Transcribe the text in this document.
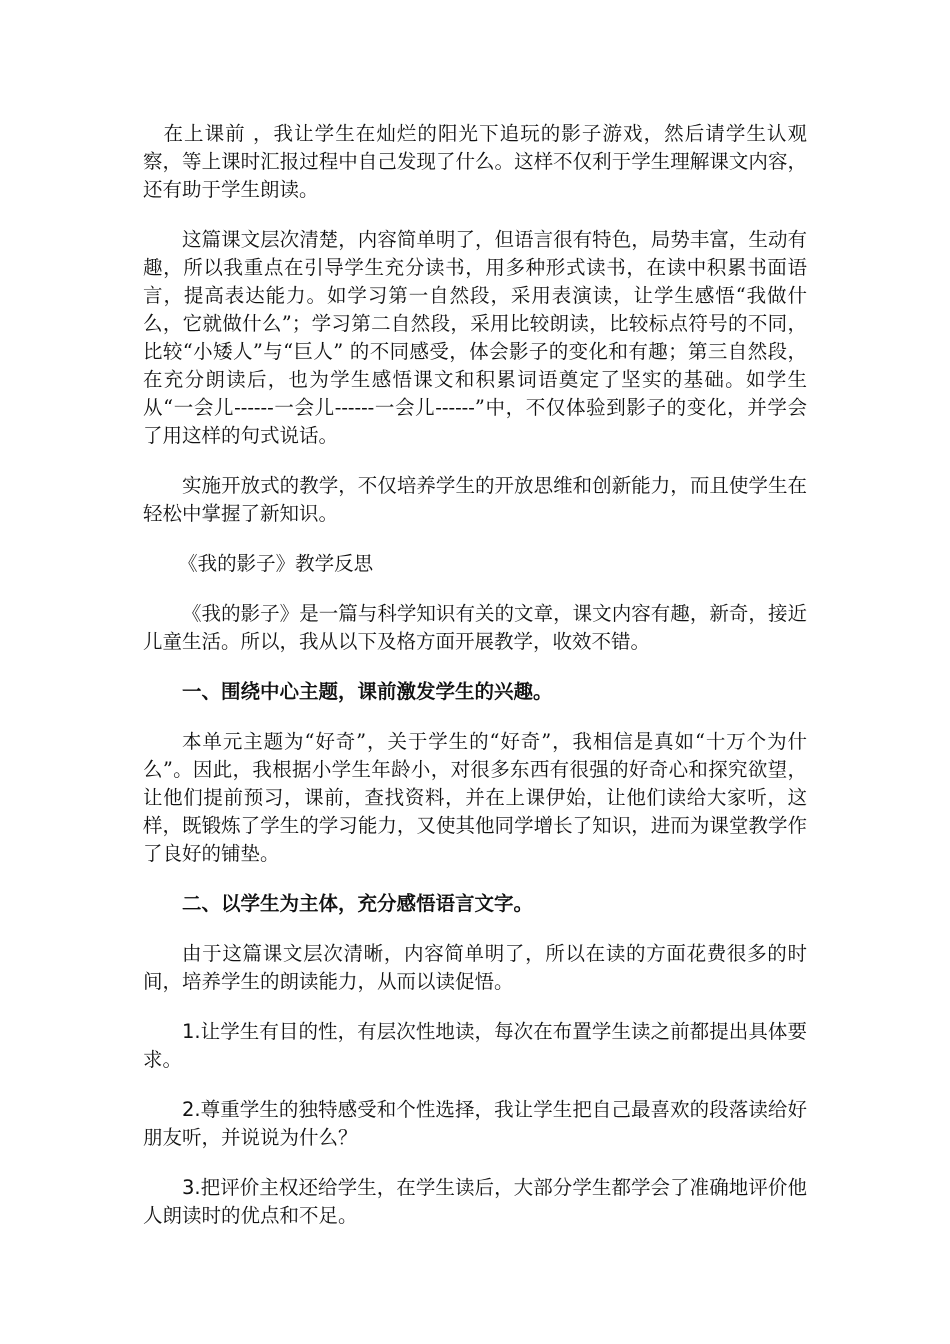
在上课前 ，我让学生在灿烂的阳光下追玩的影子游戏，然后请学生认观察，等上课时汇报过程中自己发现了什么。这样不仅利于学生理解课文内容，还有助于学生朗读。

这篇课文层次清楚，内容简单明了，但语言很有特色，局势丰富，生动有趣，所以我重点在引导学生充分读书，用多种形式读书，在读中积累书面语言，提高表达能力。如学习第一自然段，采用表演读，让学生感悟“我做什么，它就做什么”；学习第二自然段，采用比较朗读，比较标点符号的不同，比较“小矮人”与“巨人” 的不同感受，体会影子的变化和有趣；第三自然段，在充分朗读后，也为学生感悟课文和积累词语奠定了坚实的基础。如学生从“一会儿------一会儿------一会儿------”中，不仅体验到影子的变化，并学会了用这样的句式说话。

实施开放式的教学，不仅培养学生的开放思维和创新能力，而且使学生在轻松中掌握了新知识。

《我的影子》教学反思

《我的影子》是一篇与科学知识有关的文章，课文内容有趣，新奇，接近儿童生活。所以，我从以下及格方面开展教学，收效不错。

一、围绕中心主题，课前激发学生的兴趣。

本单元主题为“好奇”，关于学生的“好奇”，我相信是真如“十万个为什么”。因此，我根据小学生年龄小，对很多东西有很强的好奇心和探究欲望，让他们提前预习，课前，查找资料，并在上课伊始，让他们读给大家听，这样，既锻炼了学生的学习能力，又使其他同学增长了知识，进而为课堂教学作了良好的铺垫。

二、以学生为主体，充分感悟语言文字。

由于这篇课文层次清晰，内容简单明了，所以在读的方面花费很多的时间，培养学生的朗读能力，从而以读促悟。

1.让学生有目的性，有层次性地读，每次在布置学生读之前都提出具体要求。

2.尊重学生的独特感受和个性选择，我让学生把自己最喜欢的段落读给好朋友听，并说说为什么？

3.把评价主权还给学生，在学生读后，大部分学生都学会了准确地评价他人朗读时的优点和不足。
